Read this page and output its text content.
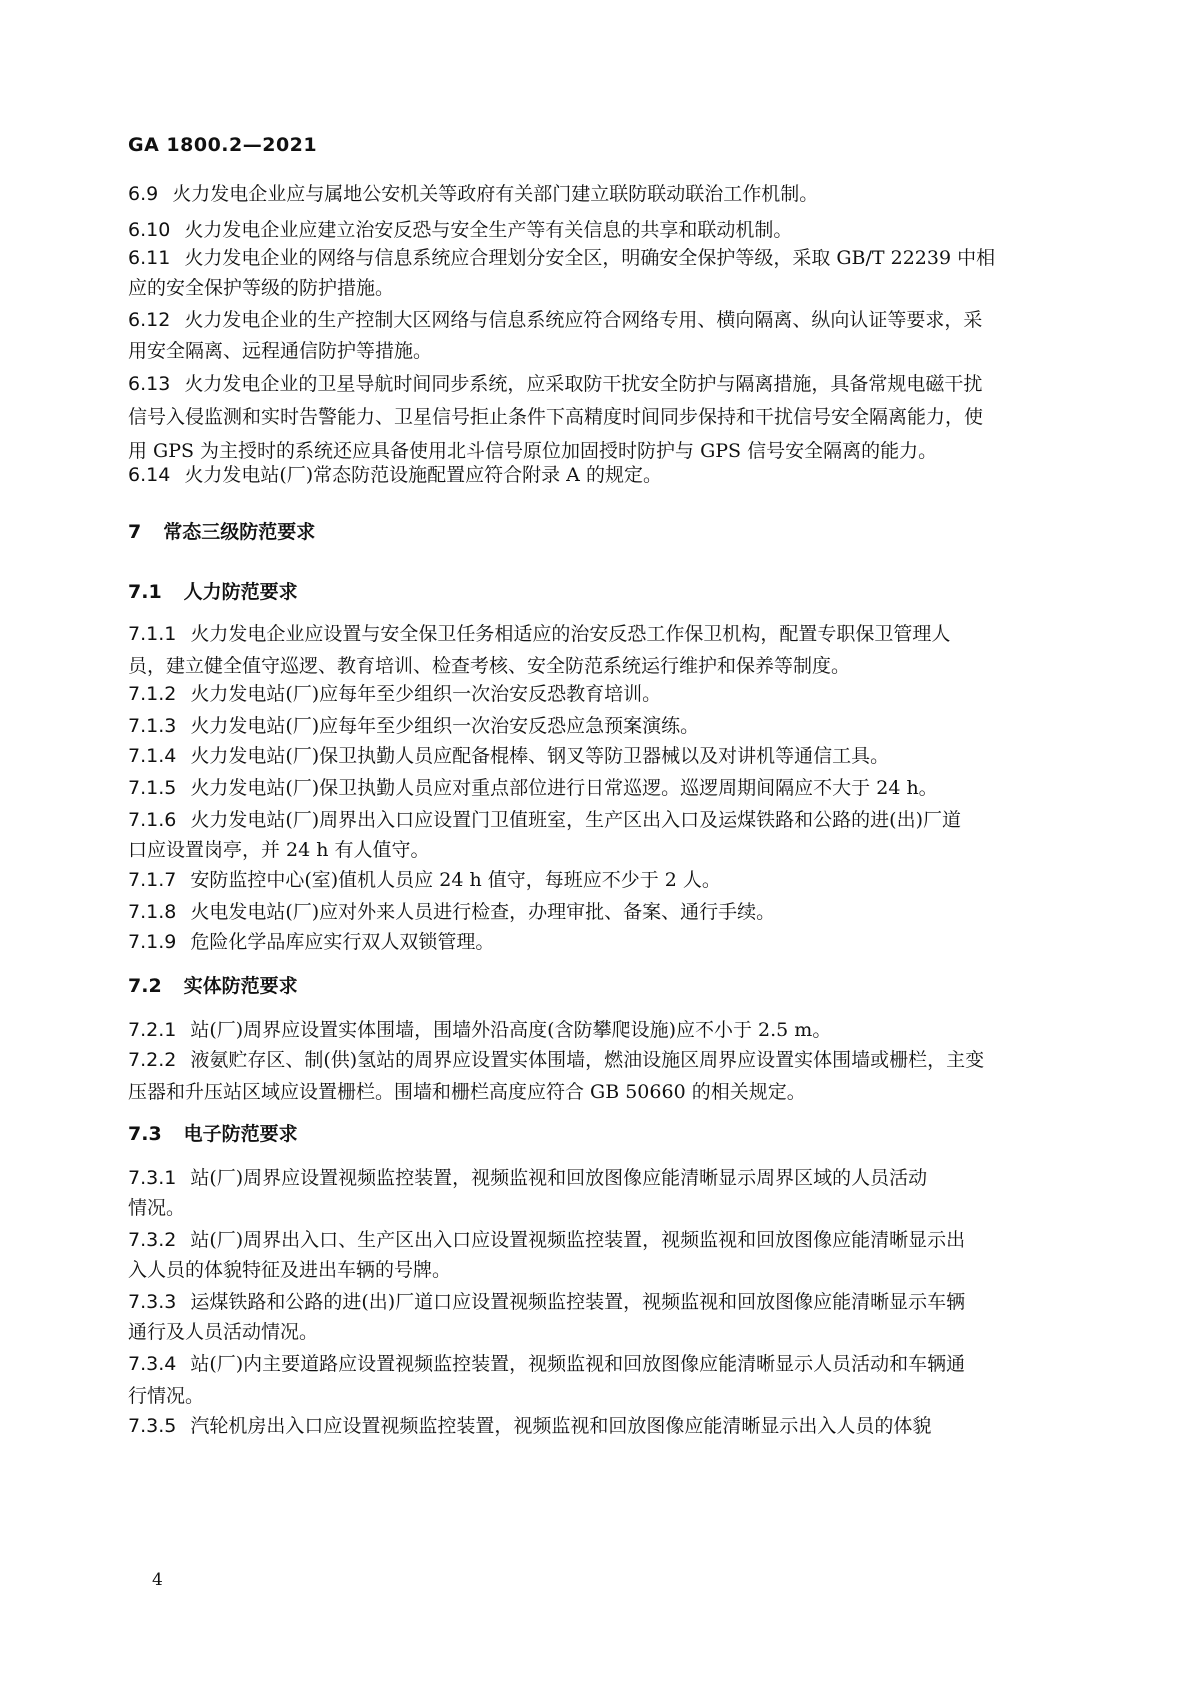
GA 1800.2—2021
6.9 火力发电企业应与属地公安机关等政府有关部门建立联防联动联治工作机制。
6.10 火力发电企业应建立治安反恐与安全生产等有关信息的共享和联动机制。
6.11 火力发电企业的网络与信息系统应合理划分安全区，明确安全保护等级，采取 GB/T 22239 中相
应的安全保护等级的防护措施。
6.12 火力发电企业的生产控制大区网络与信息系统应符合网络专用、横向隔离、纵向认证等要求，采
用安全隔离、远程通信防护等措施。
6.13 火力发电企业的卫星导航时间同步系统，应采取防干扰安全防护与隔离措施，具备常规电磁干扰
信号入侵监测和实时告警能力、卫星信号拒止条件下高精度时间同步保持和干扰信号安全隔离能力，使
用 GPS 为主授时的系统还应具备使用北斗信号原位加固授时防护与 GPS 信号安全隔离的能力。
6.14 火力发电站(厂)常态防范设施配置应符合附录 A 的规定。
7 常态三级防范要求
7.1 人力防范要求
7.1.1 火力发电企业应设置与安全保卫任务相适应的治安反恐工作保卫机构，配置专职保卫管理人
员，建立健全值守巡逻、教育培训、检查考核、安全防范系统运行维护和保养等制度。
7.1.2 火力发电站(厂)应每年至少组织一次治安反恐教育培训。
7.1.3 火力发电站(厂)应每年至少组织一次治安反恐应急预案演练。
7.1.4 火力发电站(厂)保卫执勤人员应配备棍棒、钢叉等防卫器械以及对讲机等通信工具。
7.1.5 火力发电站(厂)保卫执勤人员应对重点部位进行日常巡逻。巡逻周期间隔应不大于 24 h。
7.1.6 火力发电站(厂)周界出入口应设置门卫值班室，生产区出入口及运煤铁路和公路的进(出)厂道
口应设置岗亭，并 24 h 有人值守。
7.1.7 安防监控中心(室)值机人员应 24 h 值守，每班应不少于 2 人。
7.1.8 火电发电站(厂)应对外来人员进行检查，办理审批、备案、通行手续。
7.1.9 危险化学品库应实行双人双锁管理。
7.2 实体防范要求
7.2.1 站(厂)周界应设置实体围墙，围墙外沿高度(含防攀爬设施)应不小于 2.5 m。
7.2.2 液氨贮存区、制(供)氢站的周界应设置实体围墙，燃油设施区周界应设置实体围墙或栅栏，主变
压器和升压站区域应设置栅栏。围墙和栅栏高度应符合 GB 50660 的相关规定。
7.3 电子防范要求
7.3.1 站(厂)周界应设置视频监控装置，视频监视和回放图像应能清晰显示周界区域的人员活动
情况。
7.3.2 站(厂)周界出入口、生产区出入口应设置视频监控装置，视频监视和回放图像应能清晰显示出
入人员的体貌特征及进出车辆的号牌。
7.3.3 运煤铁路和公路的进(出)厂道口应设置视频监控装置，视频监视和回放图像应能清晰显示车辆
通行及人员活动情况。
7.3.4 站(厂)内主要道路应设置视频监控装置，视频监视和回放图像应能清晰显示人员活动和车辆通
行情况。
7.3.5 汽轮机房出入口应设置视频监控装置，视频监视和回放图像应能清晰显示出入人员的体貌
4
